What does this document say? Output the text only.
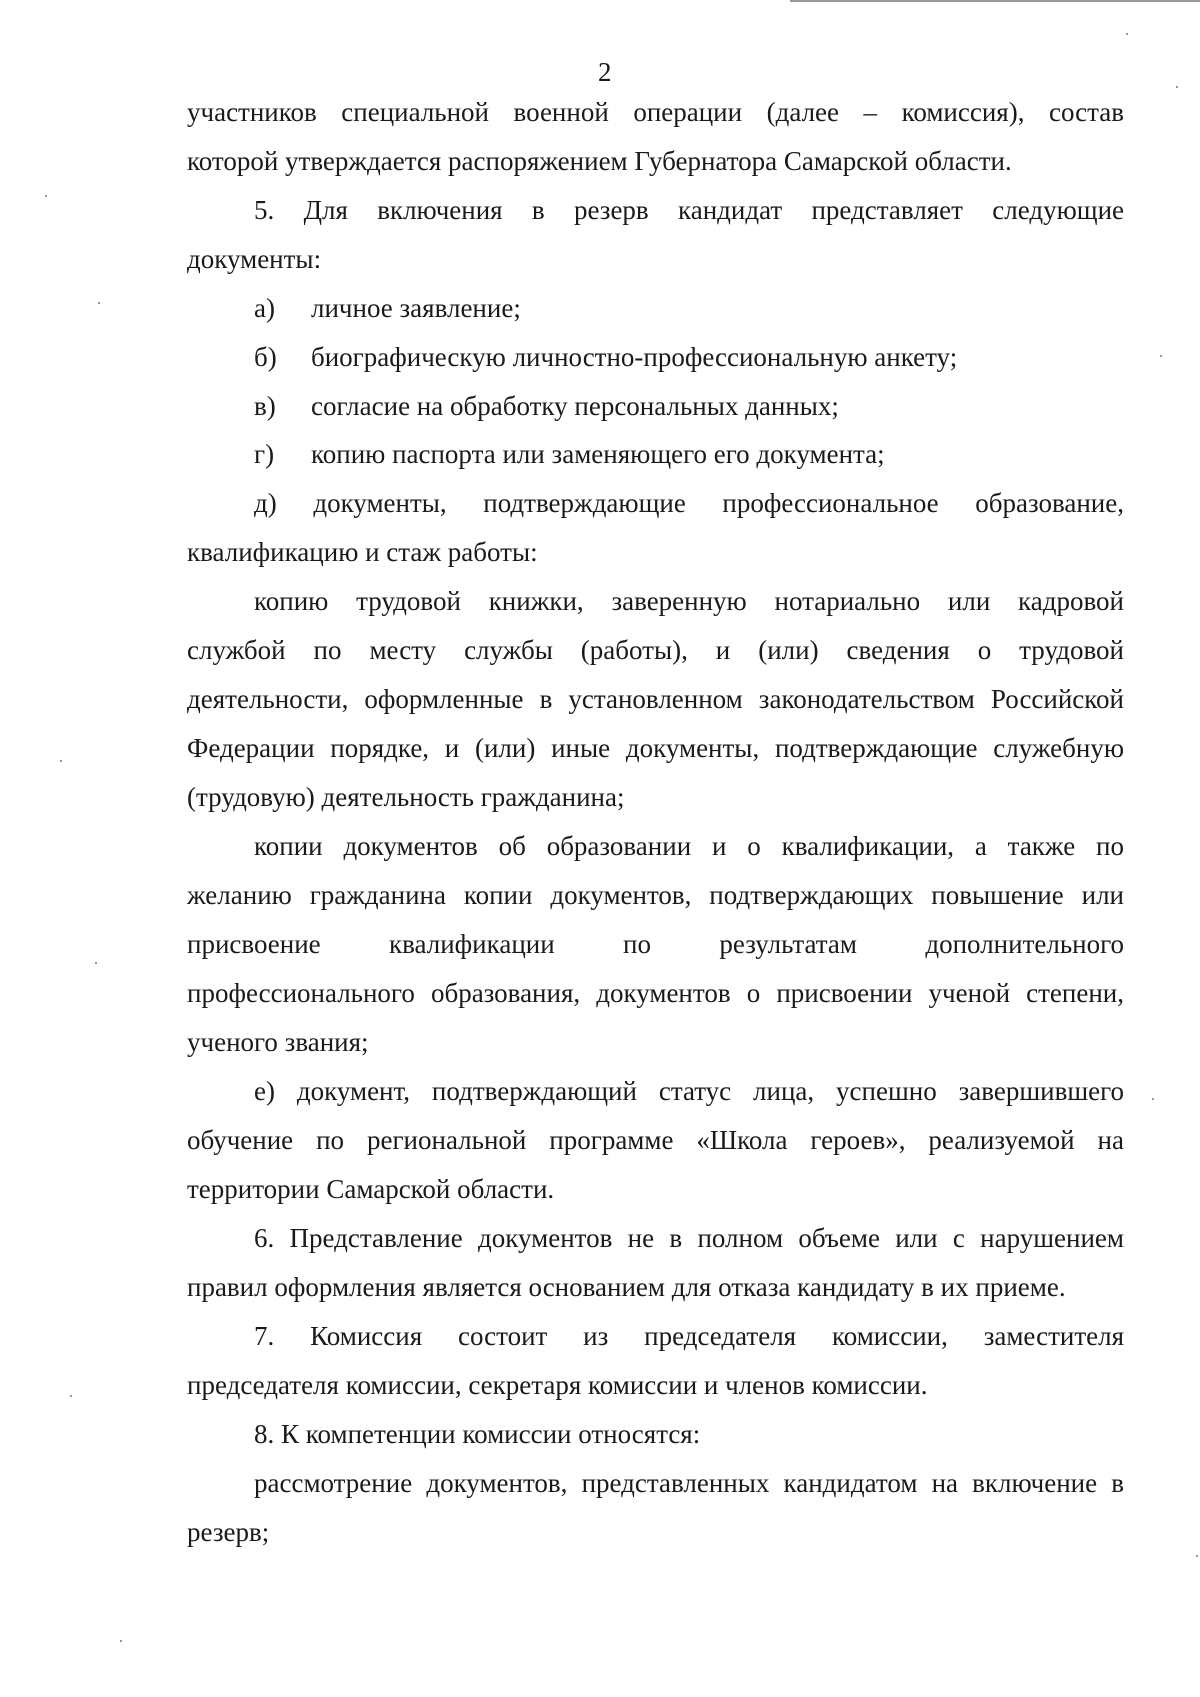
2
участников специальной военной операции (далее – комиссия), состав
которой утверждается распоряжением Губернатора Самарской области.
5. Для включения в резерв кандидат представляет следующие
документы:
а) личное заявление;
б) биографическую личностно-профессиональную анкету;
в) согласие на обработку персональных данных;
г) копию паспорта или заменяющего его документа;
д) документы, подтверждающие профессиональное образование,
квалификацию и стаж работы:
копию трудовой книжки, заверенную нотариально или кадровой
службой по месту службы (работы), и (или) сведения о трудовой
деятельности, оформленные в установленном законодательством Российской
Федерации порядке, и (или) иные документы, подтверждающие служебную
(трудовую) деятельность гражданина;
копии документов об образовании и о квалификации, а также по
желанию гражданина копии документов, подтверждающих повышение или
присвоение квалификации по результатам дополнительного
профессионального образования, документов о присвоении ученой степени,
ученого звания;
е) документ, подтверждающий статус лица, успешно завершившего
обучение по региональной программе «Школа героев», реализуемой на
территории Самарской области.
6. Представление документов не в полном объеме или с нарушением
правил оформления является основанием для отказа кандидату в их приеме.
7. Комиссия состоит из председателя комиссии, заместителя
председателя комиссии, секретаря комиссии и членов комиссии.
8. К компетенции комиссии относятся:
рассмотрение документов, представленных кандидатом на включение в
резерв;
